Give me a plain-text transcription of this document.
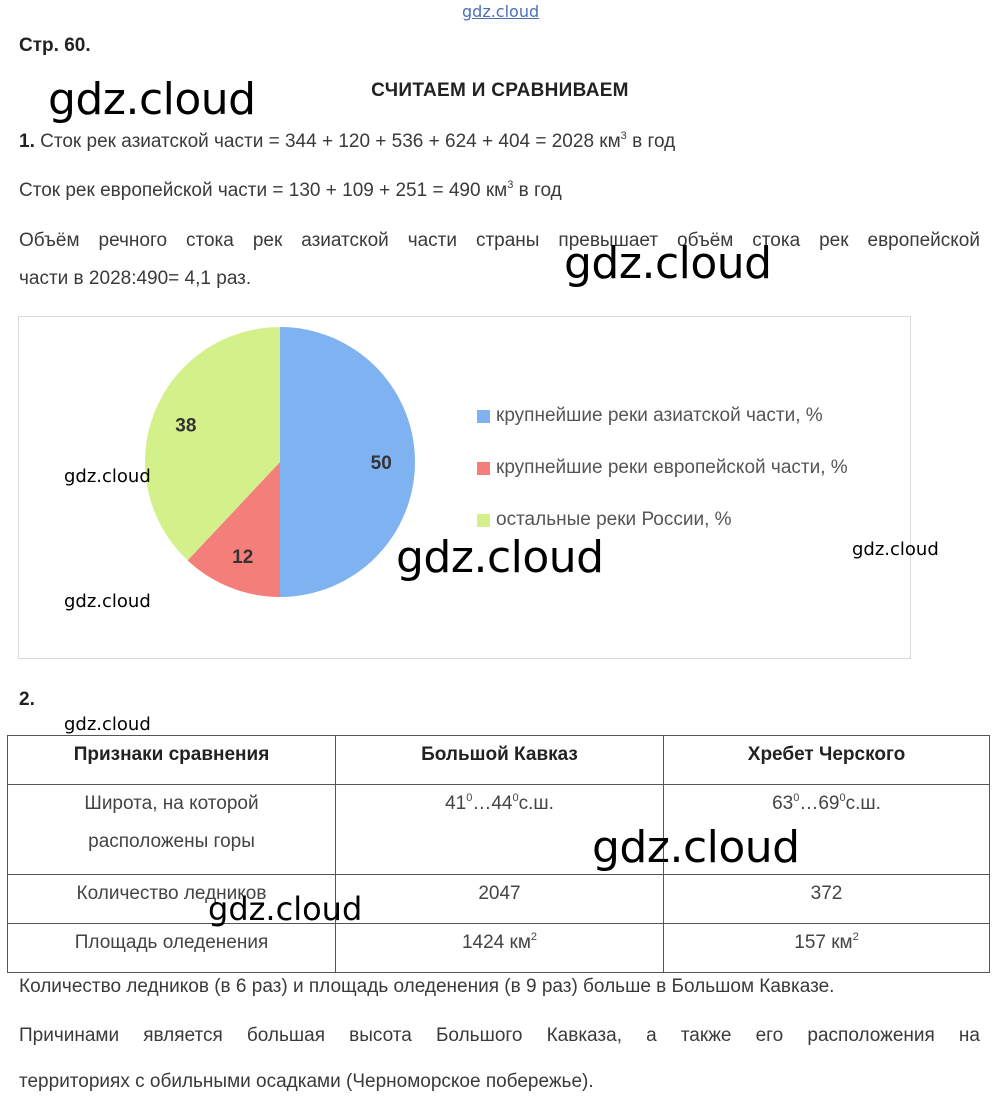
gdz.cloud
Стр. 60.
СЧИТАЕМ И СРАВНИВАЕМ
gdz.cloud

1. Сток рек азиатской части = 344 + 120 + 536 + 624 + 404 = 2028 $км^3$ в год

Сток рек европейской части = 130 + 109 + 251 = 490 $км^3$ в год

Объём речного стока рек азиатской части страны превышает объём стока рек европейской

части в 2028:490= 4,1 раз.	gdz.cloud
50
12
38
крупнейшие реки азиатской части, %
крупнейшие реки европейской части, %
остальные реки России, %
gdz.cloud
gdz.cloud
gdz.cloud
gdz.cloud
2.
gdz.cloud
Признаки сравнения	Большой Кавказ	Хребет Черского

Широта, на которой
расположены горы	$41^0\dots 44^0с.ш$.	$63^0\dots 69^0с.ш$.
Количество ледников	2047	372
Площадь оледенения	1424 $км^2$	157 $км^2$
gdz.cloud
gdz.cloud

Количество ледников (в 6 раз) и площадь оледенения (в 9 раз) больше в Большом Кавказе.

Причинами является большая высота Большого Кавказа, а также его расположения на

территориях с обильными осадками (Черноморское побережье).
